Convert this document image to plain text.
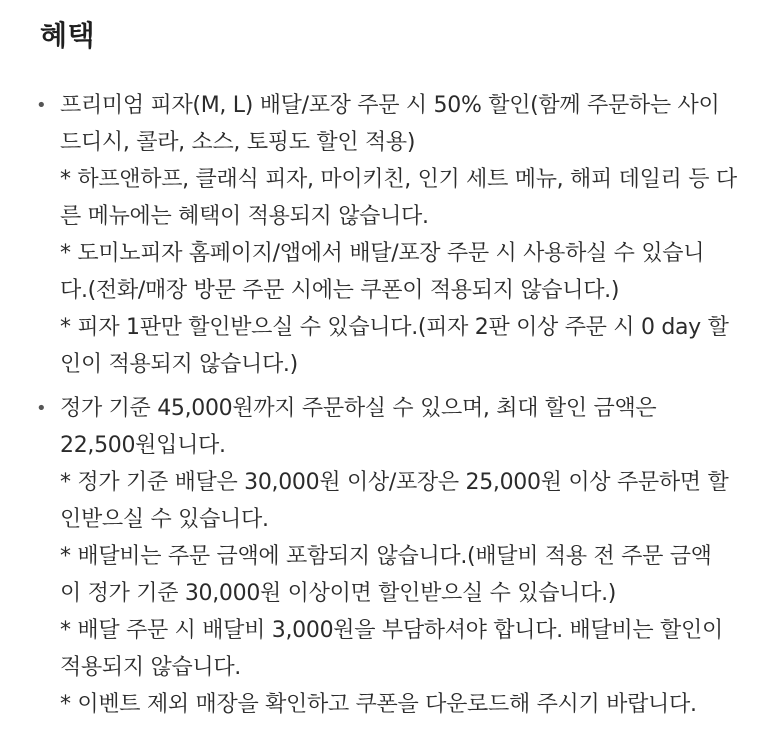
혜택
• 프리미엄 피자(M, L) 배달/포장 주문 시 50% 할인(함께 주문하는 사이
드디시, 콜라, 소스, 토핑도 할인 적용)
* 하프앤하프, 클래식 피자, 마이키친, 인기 세트 메뉴, 해피 데일리 등 다
른 메뉴에는 혜택이 적용되지 않습니다.
* 도미노피자 홈페이지/앱에서 배달/포장 주문 시 사용하실 수 있습니
다.(전화/매장 방문 주문 시에는 쿠폰이 적용되지 않습니다.)
* 피자 1판만 할인받으실 수 있습니다.(피자 2판 이상 주문 시 0 day 할
인이 적용되지 않습니다.)
• 정가 기준 45,000원까지 주문하실 수 있으며, 최대 할인 금액은
22,500원입니다.
* 정가 기준 배달은 30,000원 이상/포장은 25,000원 이상 주문하면 할
인받으실 수 있습니다.
* 배달비는 주문 금액에 포함되지 않습니다.(배달비 적용 전 주문 금액
이 정가 기준 30,000원 이상이면 할인받으실 수 있습니다.)
* 배달 주문 시 배달비 3,000원을 부담하셔야 합니다. 배달비는 할인이
적용되지 않습니다.
* 이벤트 제외 매장을 확인하고 쿠폰을 다운로드해 주시기 바랍니다.
